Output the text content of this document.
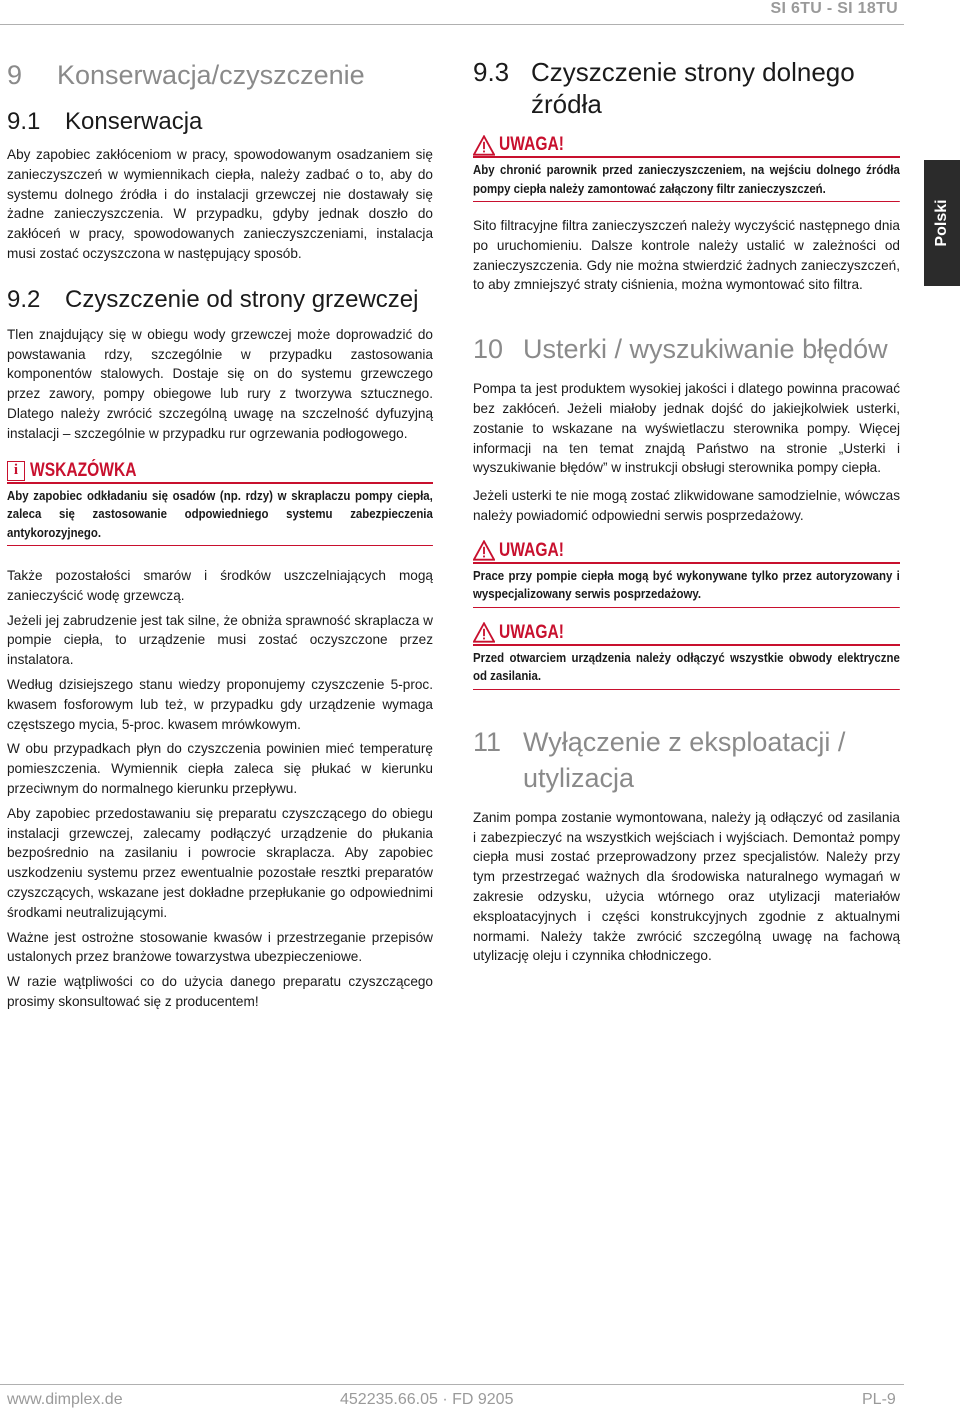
SI 6TU - SI 18TU
Polski
9	Konserwacja/czyszczenie
9.1	Konserwacja

Aby zapobiec zakłóceniom w pracy, spowodowanym osadzaniem się zanieczyszczeń w wymiennikach ciepła, należy zadbać o to, aby do systemu dolnego źródła i do instalacji grzewczej nie dostawały się żadne zanieczyszczenia. W przypadku, gdyby jednak doszło do zakłóceń w pracy, spowodowanych zanieczyszczeniami, instalacja musi zostać oczyszczona w następujący sposób.

9.2	Czyszczenie od strony grzewczej

Tlen znajdujący się w obiegu wody grzewczej może doprowadzić do powstawania rdzy, szczególnie w przypadku zastosowania komponentów stalowych. Dostaje się on do systemu grzewczego przez zawory, pompy obiegowe lub rury z tworzywa sztucznego. Dlatego należy zwrócić szczególną uwagę na szczelność dyfuzyjną instalacji – szczególnie w przypadku rur ogrzewania podłogowego.

i WSKAZÓWKA
Aby zapobiec odkładaniu się osadów (np. rdzy) w skraplaczu pompy ciepła, zaleca się zastosowanie odpowiedniego systemu zabezpieczenia antykorozyjnego.

Także pozostałości smarów i środków uszczelniających mogą zanieczyścić wodę grzewczą.

Jeżeli jej zabrudzenie jest tak silne, że obniża sprawność skraplacza w pompie ciepła, to urządzenie musi zostać oczyszczone przez instalatora.

Według dzisiejszego stanu wiedzy proponujemy czyszczenie 5-proc. kwasem fosforowym lub też, w przypadku gdy urządzenie wymaga częstszego mycia, 5-proc. kwasem mrówkowym.

W obu przypadkach płyn do czyszczenia powinien mieć temperaturę pomieszczenia. Wymiennik ciepła zaleca się płukać w kierunku przeciwnym do normalnego kierunku przepływu.

Aby zapobiec przedostawaniu się preparatu czyszczącego do obiegu instalacji grzewczej, zalecamy podłączyć urządzenie do płukania bezpośrednio na zasilaniu i powrocie skraplacza. Aby zapobiec uszkodzeniu systemu przez ewentualnie pozostałe resztki preparatów czyszczących, wskazane jest dokładne przepłukanie go odpowiednimi środkami neutralizującymi.

Ważne jest ostrożne stosowanie kwasów i przestrzeganie przepisów ustalonych przez branżowe towarzystwa ubezpieczeniowe.

W razie wątpliwości co do użycia danego preparatu czyszczącego prosimy skonsultować się z producentem!

9.3 Czyszczenie strony dolnego źródła
UWAGA!
Aby chronić parownik przed zanieczyszczeniem, na wejściu dolnego źródła pompy ciepła należy zamontować załączony filtr zanieczyszczeń.

Sito filtracyjne filtra zanieczyszczeń należy wyczyścić następnego dnia po uruchomieniu. Dalsze kontrole należy ustalić w zależności od zanieczyszczenia. Gdy nie można stwierdzić żadnych zanieczyszczeń, to aby zmniejszyć straty ciśnienia, można wymontować sito filtra.

10 Usterki / wyszukiwanie błędów

Pompa ta jest produktem wysokiej jakości i dlatego powinna pracować bez zakłóceń. Jeżeli miałoby jednak dojść do jakiejkolwiek usterki, zostanie to wskazane na wyświetlaczu sterownika pompy. Więcej informacji na ten temat znajdą Państwo na stronie „Usterki i wyszukiwanie błędów” w instrukcji obsługi sterownika pompy ciepła.

Jeżeli usterki te nie mogą zostać zlikwidowane samodzielnie, wówczas należy powiadomić odpowiedni serwis posprzedażowy.

UWAGA!
Prace przy pompie ciepła mogą być wykonywane tylko przez autoryzowany i wyspecjalizowany serwis posprzedażowy.
UWAGA!
Przed otwarciem urządzenia należy odłączyć wszystkie obwody elektryczne od zasilania.
11 Wyłączenie z eksploatacji / utylizacja

Zanim pompa zostanie wymontowana, należy ją odłączyć od zasilania i zabezpieczyć na wszystkich wejściach i wyjściach. Demontaż pompy ciepła musi zostać przeprowadzony przez specjalistów. Należy przy tym przestrzegać ważnych dla środowiska naturalnego wymagań w zakresie odzysku, użycia wtórnego oraz utylizacji materiałów eksploatacyjnych i części konstrukcyjnych zgodnie z aktualnymi normami. Należy także zwrócić szczególną uwagę na fachową utylizację oleju i czynnika chłodniczego.

www.dimplex.de	452235.66.05 · FD 9205	PL-9
